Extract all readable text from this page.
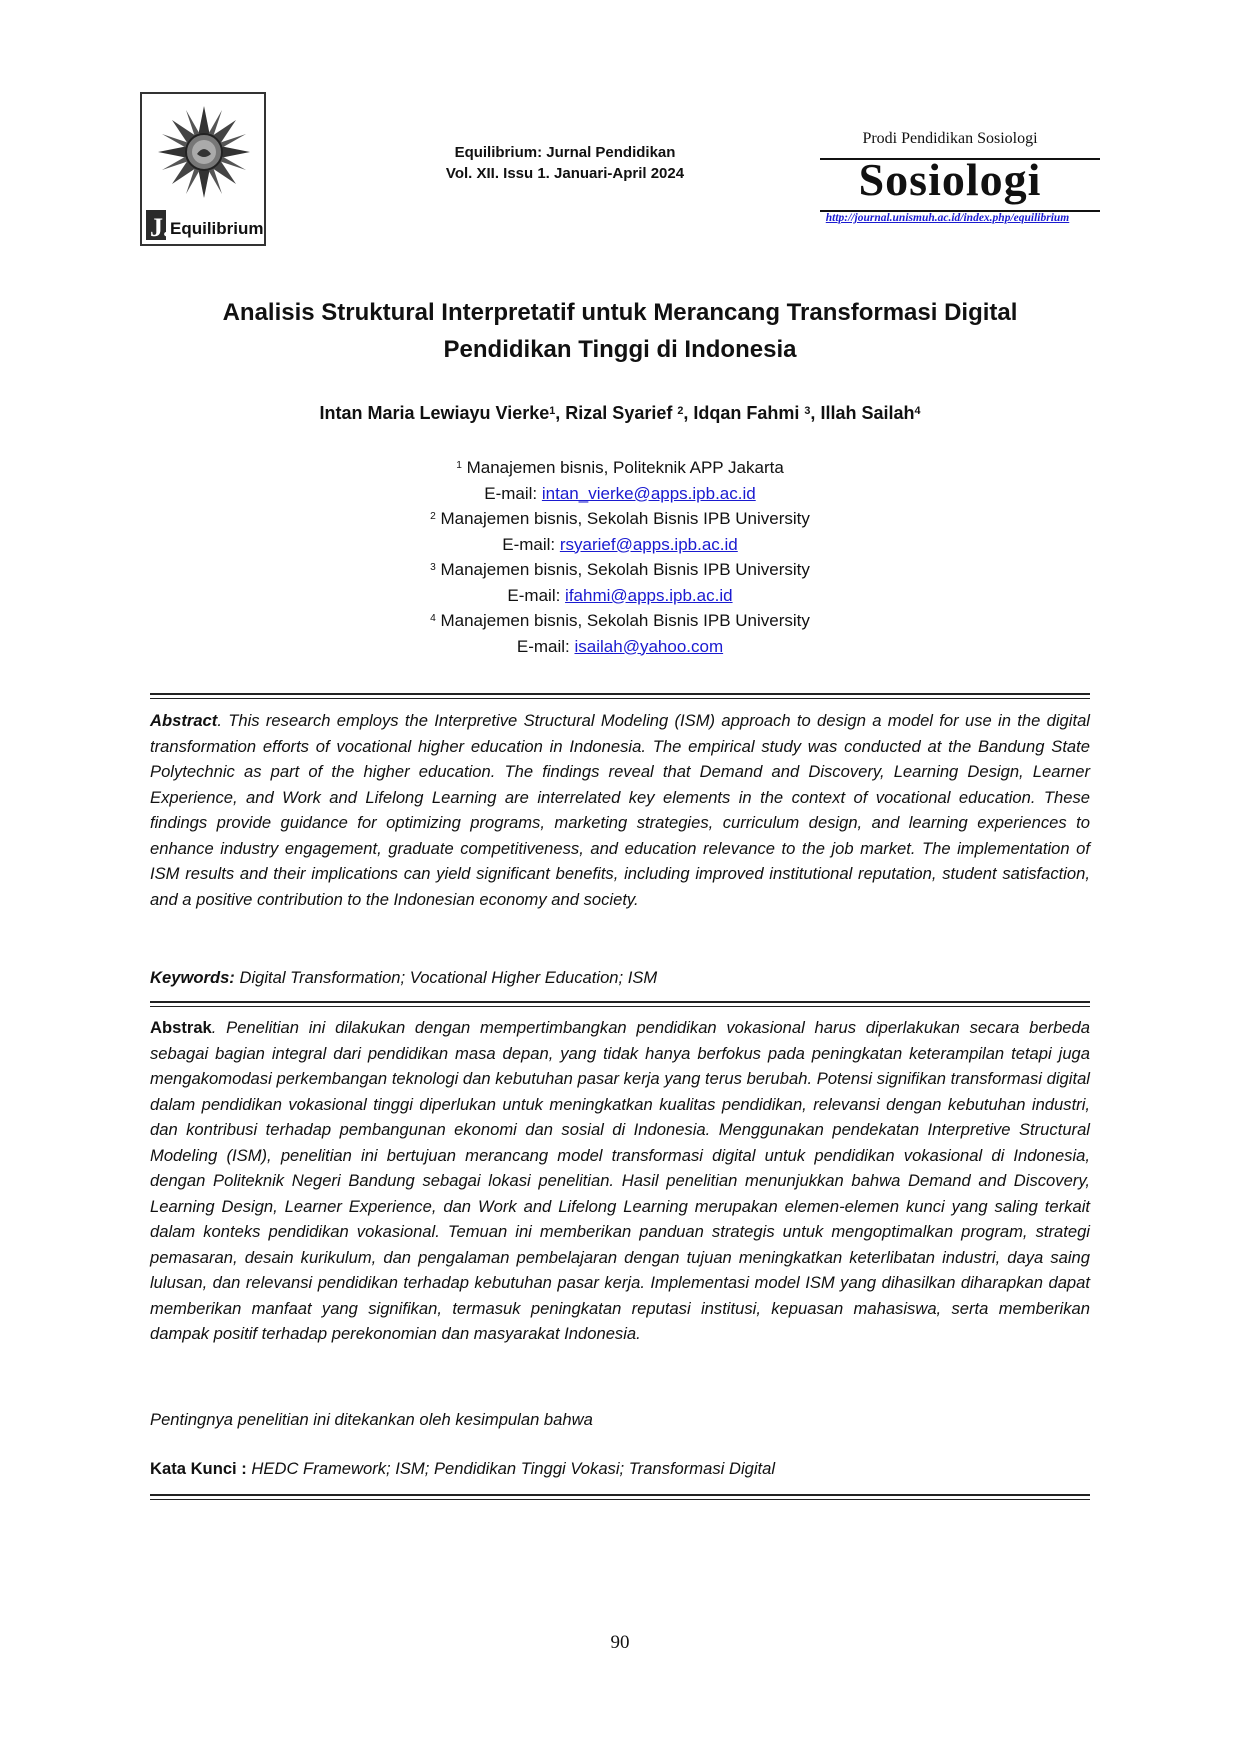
J. Equilibrium
Equilibrium: Jurnal Pendidikan
Vol. XII. Issu 1. Januari-April 2024
Prodi Pendidikan Sosiologi
Sosiologi
http://journal.unismuh.ac.id/index.php/equilibrium
Analisis Struktural Interpretatif untuk Merancang Transformasi Digital
Pendidikan Tinggi di Indonesia
Intan Maria Lewiayu Vierke$^1$, Rizal Syarief $^2$, Idqan Fahmi $^3$, Illah Sailah$^4$
$^1$ Manajemen bisnis, Politeknik APP Jakarta
E-mail: intan_vierke@apps.ipb.ac.id
$^2$ Manajemen bisnis, Sekolah Bisnis IPB University
E-mail: rsyarief@apps.ipb.ac.id
$^3$ Manajemen bisnis, Sekolah Bisnis IPB University
E-mail: ifahmi@apps.ipb.ac.id
$^4$ Manajemen bisnis, Sekolah Bisnis IPB University
E-mail: isailah@yahoo.com
Abstract. This research employs the Interpretive Structural Modeling (ISM) approach to design a model for use in the digital transformation efforts of vocational higher education in Indonesia. The empirical study was conducted at the Bandung State Polytechnic as part of the higher education. The findings reveal that Demand and Discovery, Learning Design, Learner Experience, and Work and Lifelong Learning are interrelated key elements in the context of vocational education. These findings provide guidance for optimizing programs, marketing strategies, curriculum design, and learning experiences to enhance industry engagement, graduate competitiveness, and education relevance to the job market. The implementation of ISM results and their implications can yield significant benefits, including improved institutional reputation, student satisfaction, and a positive contribution to the Indonesian economy and society.
Keywords: Digital Transformation; Vocational Higher Education; ISM
Abstrak. Penelitian ini dilakukan dengan mempertimbangkan pendidikan vokasional harus diperlakukan secara berbeda sebagai bagian integral dari pendidikan masa depan, yang tidak hanya berfokus pada peningkatan keterampilan tetapi juga mengakomodasi perkembangan teknologi dan kebutuhan pasar kerja yang terus berubah. Potensi signifikan transformasi digital dalam pendidikan vokasional tinggi diperlukan untuk meningkatkan kualitas pendidikan, relevansi dengan kebutuhan industri, dan kontribusi terhadap pembangunan ekonomi dan sosial di Indonesia. Menggunakan pendekatan Interpretive Structural Modeling (ISM), penelitian ini bertujuan merancang model transformasi digital untuk pendidikan vokasional di Indonesia, dengan Politeknik Negeri Bandung sebagai lokasi penelitian. Hasil penelitian menunjukkan bahwa Demand and Discovery, Learning Design, Learner Experience, dan Work and Lifelong Learning merupakan elemen-elemen kunci yang saling terkait dalam konteks pendidikan vokasional. Temuan ini memberikan panduan strategis untuk mengoptimalkan program, strategi pemasaran, desain kurikulum, dan pengalaman pembelajaran dengan tujuan meningkatkan keterlibatan industri, daya saing lulusan, dan relevansi pendidikan terhadap kebutuhan pasar kerja. Implementasi model ISM yang dihasilkan diharapkan dapat memberikan manfaat yang signifikan, termasuk peningkatan reputasi institusi, kepuasan mahasiswa, serta memberikan dampak positif terhadap perekonomian dan masyarakat Indonesia.
Pentingnya penelitian ini ditekankan oleh kesimpulan bahwa
Kata Kunci : HEDC Framework; ISM; Pendidikan Tinggi Vokasi; Transformasi Digital
90
